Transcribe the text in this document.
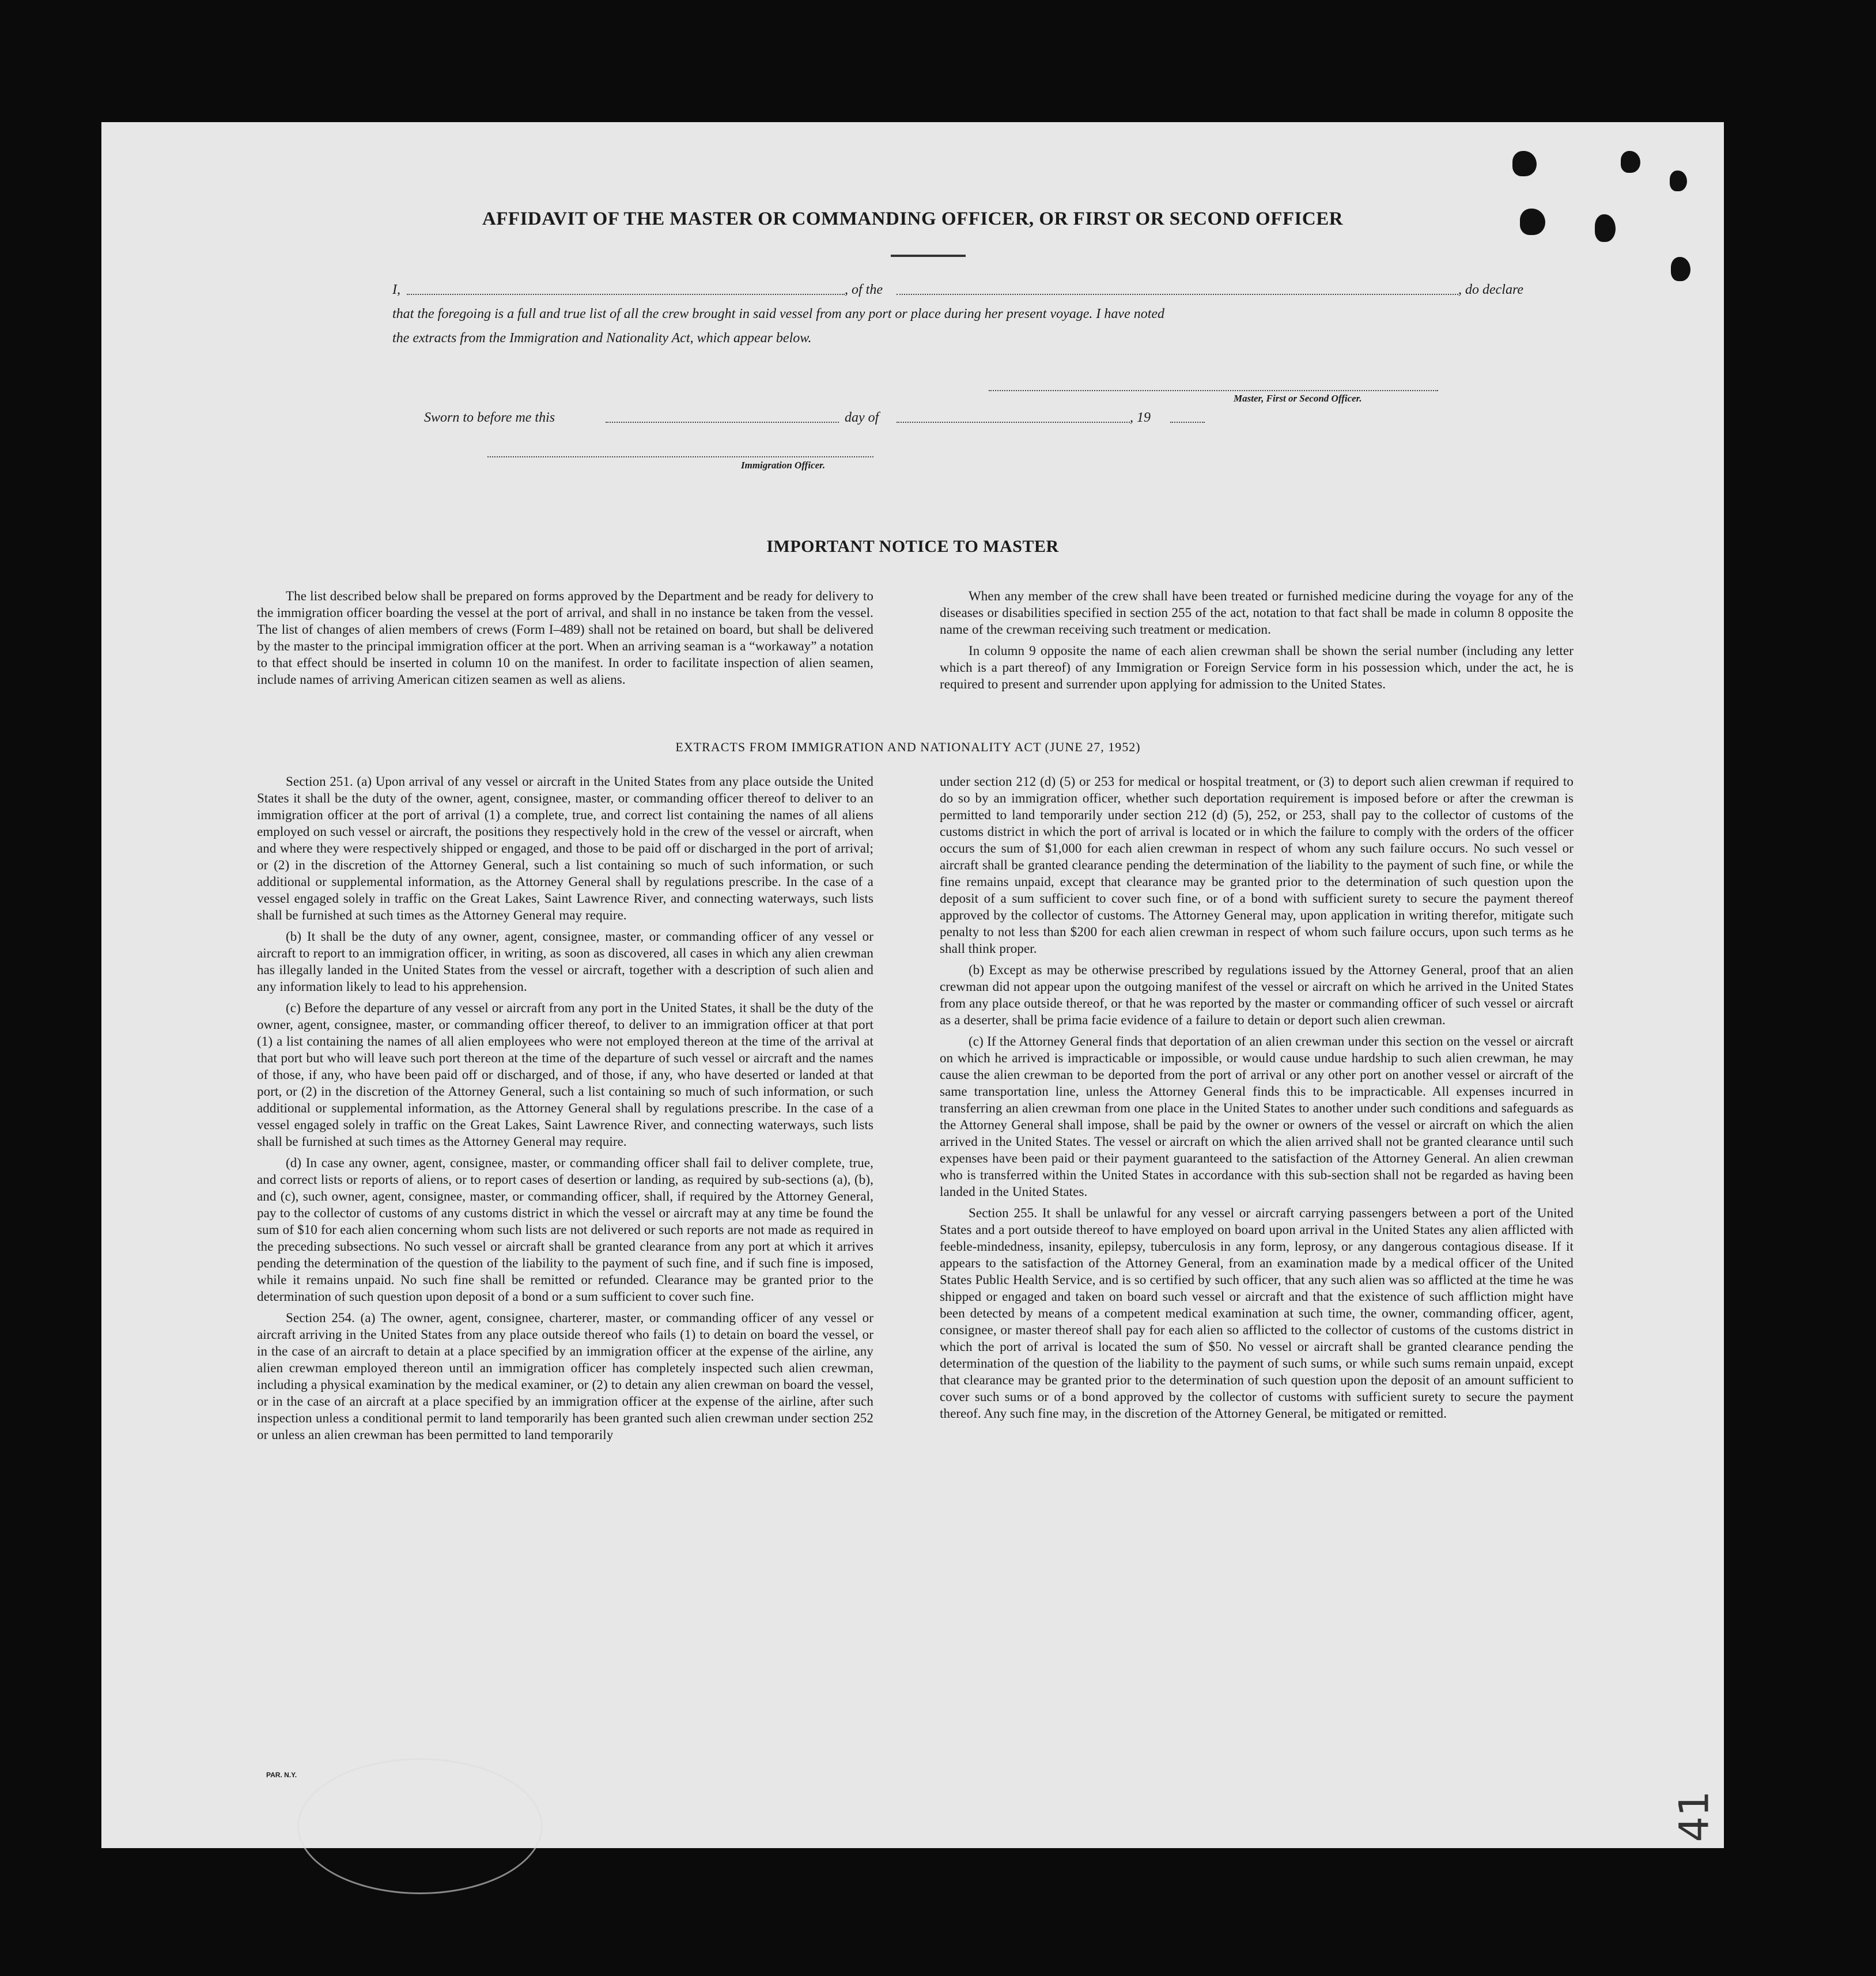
AFFIDAVIT OF THE MASTER OR COMMANDING OFFICER, OR FIRST OR SECOND OFFICER
I,	, of the	, do declare
that the foregoing is a full and true list of all the crew brought in said vessel from any port or place during her present voyage. I have noted
the extracts from the Immigration and Nationality Act, which appear below.
Master, First or Second Officer.
Sworn to before me this	day of	, 19
Immigration Officer.
IMPORTANT NOTICE TO MASTER

The list described below shall be prepared on forms approved by the Department and be ready for delivery to the immigration officer boarding the vessel at the port of arrival, and shall in no instance be taken from the vessel. The list of changes of alien members of crews (Form I–489) shall not be retained on board, but shall be delivered by the master to the principal immigration officer at the port. When an arriving seaman is a “workaway” a notation to that effect should be inserted in column 10 on the manifest. In order to facilitate inspection of alien seamen, include names of arriving American citizen seamen as well as aliens.

When any member of the crew shall have been treated or furnished medicine during the voyage for any of the diseases or disabilities specified in section 255 of the act, notation to that fact shall be made in column 8 opposite the name of the crewman receiving such treatment or medication.

In column 9 opposite the name of each alien crewman shall be shown the serial number (including any letter which is a part thereof) of any Immigration or Foreign Service form in his possession which, under the act, he is required to present and surrender upon applying for admission to the United States.

EXTRACTS FROM IMMIGRATION AND NATIONALITY ACT (JUNE 27, 1952)

Section 251. (a) Upon arrival of any vessel or aircraft in the United States from any place outside the United States it shall be the duty of the owner, agent, consignee, master, or commanding officer thereof to deliver to an immigration officer at the port of arrival (1) a complete, true, and correct list containing the names of all aliens employed on such vessel or aircraft, the positions they respectively hold in the crew of the vessel or aircraft, when and where they were respectively shipped or engaged, and those to be paid off or discharged in the port of arrival; or (2) in the discretion of the Attorney General, such a list containing so much of such information, or such additional or supplemental information, as the Attorney General shall by regulations prescribe. In the case of a vessel engaged solely in traffic on the Great Lakes, Saint Lawrence River, and connecting waterways, such lists shall be furnished at such times as the Attorney General may require.

(b) It shall be the duty of any owner, agent, consignee, master, or commanding officer of any vessel or aircraft to report to an immigration officer, in writing, as soon as discovered, all cases in which any alien crewman has illegally landed in the United States from the vessel or aircraft, together with a description of such alien and any information likely to lead to his apprehension.

(c) Before the departure of any vessel or aircraft from any port in the United States, it shall be the duty of the owner, agent, consignee, master, or commanding officer thereof, to deliver to an immigration officer at that port (1) a list containing the names of all alien employees who were not employed thereon at the time of the arrival at that port but who will leave such port thereon at the time of the departure of such vessel or aircraft and the names of those, if any, who have been paid off or discharged, and of those, if any, who have deserted or landed at that port, or (2) in the discretion of the Attorney General, such a list containing so much of such information, or such additional or supplemental information, as the Attorney General shall by regulations prescribe. In the case of a vessel engaged solely in traffic on the Great Lakes, Saint Lawrence River, and connecting waterways, such lists shall be furnished at such times as the Attorney General may require.

(d) In case any owner, agent, consignee, master, or commanding officer shall fail to deliver complete, true, and correct lists or reports of aliens, or to report cases of desertion or landing, as required by sub-sections (a), (b), and (c), such owner, agent, consignee, master, or commanding officer, shall, if required by the Attorney General, pay to the collector of customs of any customs district in which the vessel or aircraft may at any time be found the sum of $10 for each alien concerning whom such lists are not delivered or such reports are not made as required in the preceding subsections. No such vessel or aircraft shall be granted clearance from any port at which it arrives pending the determination of the question of the liability to the payment of such fine, and if such fine is imposed, while it remains unpaid. No such fine shall be remitted or refunded. Clearance may be granted prior to the determination of such question upon deposit of a bond or a sum sufficient to cover such fine.

Section 254. (a) The owner, agent, consignee, charterer, master, or commanding officer of any vessel or aircraft arriving in the United States from any place outside thereof who fails (1) to detain on board the vessel, or in the case of an aircraft to detain at a place specified by an immigration officer at the expense of the airline, any alien crewman employed thereon until an immigration officer has completely inspected such alien crewman, including a physical examination by the medical examiner, or (2) to detain any alien crewman on board the vessel, or in the case of an aircraft at a place specified by an immigration officer at the expense of the airline, after such inspection unless a conditional permit to land temporarily has been granted such alien crewman under section 252 or unless an alien crewman has been permitted to land temporarily

under section 212 (d) (5) or 253 for medical or hospital treatment, or (3) to deport such alien crewman if required to do so by an immigration officer, whether such deportation requirement is imposed before or after the crewman is permitted to land temporarily under section 212 (d) (5), 252, or 253, shall pay to the collector of customs of the customs district in which the port of arrival is located or in which the failure to comply with the orders of the officer occurs the sum of $1,000 for each alien crewman in respect of whom any such failure occurs. No such vessel or aircraft shall be granted clearance pending the determination of the liability to the payment of such fine, or while the fine remains unpaid, except that clearance may be granted prior to the determination of such question upon the deposit of a sum sufficient to cover such fine, or of a bond with sufficient surety to secure the payment thereof approved by the collector of customs. The Attorney General may, upon application in writing therefor, mitigate such penalty to not less than $200 for each alien crewman in respect of whom such failure occurs, upon such terms as he shall think proper.

(b) Except as may be otherwise prescribed by regulations issued by the Attorney General, proof that an alien crewman did not appear upon the outgoing manifest of the vessel or aircraft on which he arrived in the United States from any place outside thereof, or that he was reported by the master or commanding officer of such vessel or aircraft as a deserter, shall be prima facie evidence of a failure to detain or deport such alien crewman.

(c) If the Attorney General finds that deportation of an alien crewman under this section on the vessel or aircraft on which he arrived is impracticable or impossible, or would cause undue hardship to such alien crewman, he may cause the alien crewman to be deported from the port of arrival or any other port on another vessel or aircraft of the same transportation line, unless the Attorney General finds this to be impracticable. All expenses incurred in transferring an alien crewman from one place in the United States to another under such conditions and safeguards as the Attorney General shall impose, shall be paid by the owner or owners of the vessel or aircraft on which the alien arrived in the United States. The vessel or aircraft on which the alien arrived shall not be granted clearance until such expenses have been paid or their payment guaranteed to the satisfaction of the Attorney General. An alien crewman who is transferred within the United States in accordance with this sub-section shall not be regarded as having been landed in the United States.

Section 255. It shall be unlawful for any vessel or aircraft carrying passengers between a port of the United States and a port outside thereof to have employed on board upon arrival in the United States any alien afflicted with feeble-mindedness, insanity, epilepsy, tuberculosis in any form, leprosy, or any dangerous contagious disease. If it appears to the satisfaction of the Attorney General, from an examination made by a medical officer of the United States Public Health Service, and is so certified by such officer, that any such alien was so afflicted at the time he was shipped or engaged and taken on board such vessel or aircraft and that the existence of such affliction might have been detected by means of a competent medical examination at such time, the owner, commanding officer, agent, consignee, or master thereof shall pay for each alien so afflicted to the collector of customs of the customs district in which the port of arrival is located the sum of $50. No vessel or aircraft shall be granted clearance pending the determination of the question of the liability to the payment of such sums, or while such sums remain unpaid, except that clearance may be granted prior to the determination of such question upon the deposit of an amount sufficient to cover such sums or of a bond approved by the collector of customs with sufficient surety to secure the payment thereof. Any such fine may, in the discretion of the Attorney General, be mitigated or remitted.

PAR. N.Y.
41
